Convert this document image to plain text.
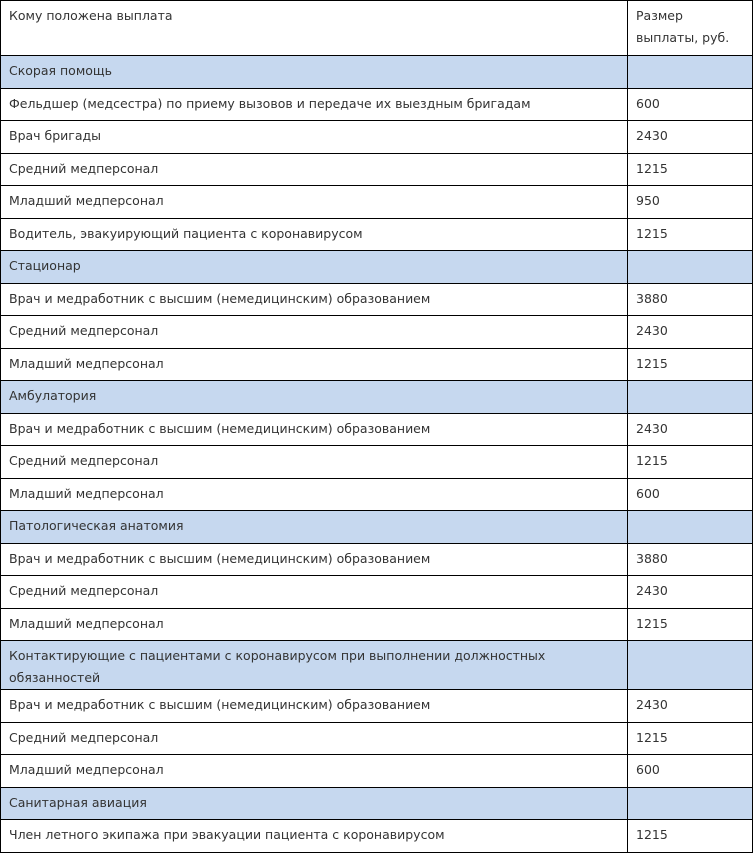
Кому положена выплата	Размер выплаты, руб.
Скорая помощь	
Фельдшер (медсестра) по приему вызовов и передаче их выездным бригадам	600
Врач бригады	2430
Средний медперсонал	1215
Младший медперсонал	950
Водитель, эвакуирующий пациента с коронавирусом	1215
Стационар	
Врач и медработник с высшим (немедицинским) образованием	3880
Средний медперсонал	2430
Младший медперсонал	1215
Амбулатория	
Врач и медработник с высшим (немедицинским) образованием	2430
Средний медперсонал	1215
Младший медперсонал	600
Патологическая анатомия	
Врач и медработник с высшим (немедицинским) образованием	3880
Средний медперсонал	2430
Младший медперсонал	1215
Контактирующие с пациентами с коронавирусом при выполнении должностных обязанностей	
Врач и медработник с высшим (немедицинским) образованием	2430
Средний медперсонал	1215
Младший медперсонал	600
Санитарная авиация	
Член летного экипажа при эвакуации пациента с коронавирусом	1215
